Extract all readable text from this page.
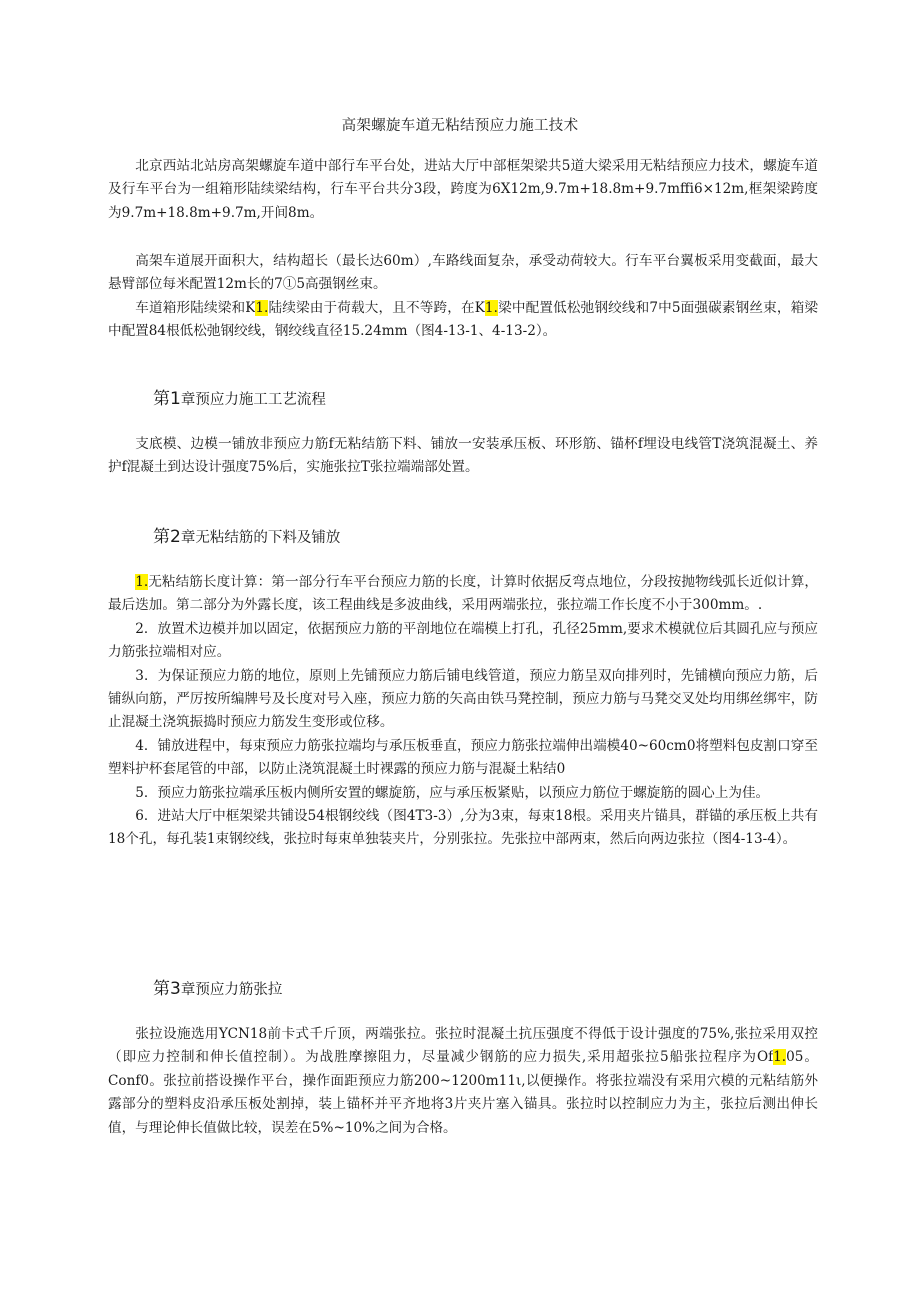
高架螺旋车道无粘结预应力施工技术

北京西站北站房高架螺旋车道中部行车平台处，进站大厅中部框架梁共5道大梁采用无粘结预应力技术，螺旋车道及行车平台为一组箱形陆续梁结构，行车平台共分3段，跨度为6X12m,9.7m+18.8m+9.7mffi6×12m,框架梁跨度为9.7m+18.8m+9.7m,开间8m。

高架车道展开面积大，结构超长（最长达60m）,车路线面复杂，承受动荷较大。行车平台翼板采用变截面，最大悬臂部位每米配置12m长的7①5高强钢丝束。

车道箱形陆续梁和K1.陆续梁由于荷载大，且不等跨，在K1.梁中配置低松弛钢绞线和7中5面强碳素钢丝束，箱梁中配置84根低松弛钢绞线，钢绞线直径15.24mm（图4-13-1、4-13-2）。

第1章预应力施工工艺流程

支底模、边模一铺放非预应力筋f无粘结筋下料、铺放一安装承压板、环形筋、锚杯f埋设电线管T浇筑混凝土、养护f混凝土到达设计强度75%后，实施张拉T张拉端端部处置。

第2章无粘结筋的下料及铺放

1.无粘结筋长度计算：第一部分行车平台预应力筋的长度，计算时依据反弯点地位，分段按抛物线弧长近似计算，最后迭加。第二部分为外露长度，该工程曲线是多波曲线，采用两端张拉，张拉端工作长度不小于300mm。.

2．放置术边模并加以固定，依据预应力筋的平剖地位在端模上打孔，孔径25mm,要求术模就位后其圆孔应与预应力筋张拉端相对应。

3．为保证预应力筋的地位，原则上先铺预应力筋后铺电线管道，预应力筋呈双向排列时，先铺横向预应力筋，后铺纵向筋，严厉按所编牌号及长度对号入座，预应力筋的矢高由铁马凳控制，预应力筋与马凳交叉处均用绑丝绑牢，防止混凝土浇筑振捣时预应力筋发生变形或位移。

4．铺放进程中，每束预应力筋张拉端均与承压板垂直，预应力筋张拉端伸出端模40~60cm0将塑料包皮割口穿至塑料护杯套尾管的中部，以防止浇筑混凝土时裸露的预应力筋与混凝土粘结0

5．预应力筋张拉端承压板内侧所安置的螺旋筋，应与承压板紧贴，以预应力筋位于螺旋筋的圆心上为佳。

6．进站大厅中框架梁共铺设54根钢绞线（图4T3-3）,分为3束，每束18根。采用夹片锚具，群锚的承压板上共有18个孔，每孔装1束钢绞线，张拉时每束单独装夹片，分别张拉。先张拉中部两束，然后向两边张拉（图4-13-4）。

第3章预应力筋张拉

张拉设施选用YCN18前卡式千斤顶，两端张拉。张拉时混凝土抗压强度不得低于设计强度的75%,张拉采用双控（即应力控制和伸长值控制）。为战胜摩擦阻力，尽量减少钢筋的应力损失,采用超张拉5船张拉程序为Of1.05。Conf0。张拉前搭设操作平台，操作面距预应力筋200~1200m11ι,以便操作。将张拉端没有采用穴模的元粘结筋外露部分的塑料皮沿承压板处割掉，装上锚杯并平齐地将3片夹片塞入锚具。张拉时以控制应力为主，张拉后测出伸长值，与理论伸长值做比较，误差在5%~10%之间为合格。
